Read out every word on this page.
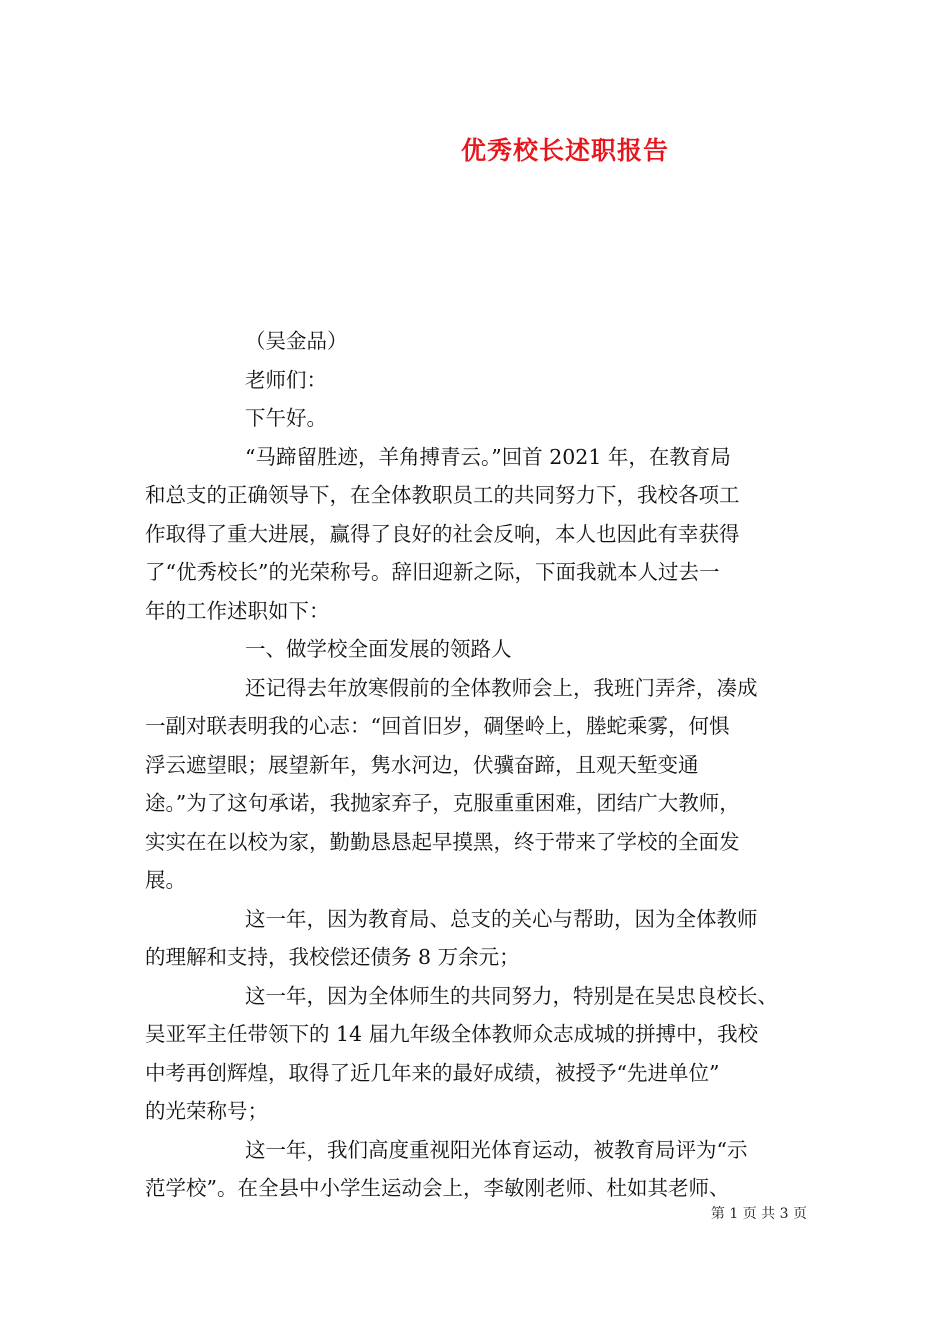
优秀校长述职报告

（吴金品）

老师们：

下午好。

“马蹄留胜迹，羊角搏青云。”回首 2021 年，在教育局
和总支的正确领导下，在全体教职员工的共同努力下，我校各项工
作取得了重大进展，赢得了良好的社会反响，本人也因此有幸获得
了“优秀校长”的光荣称号。辞旧迎新之际，下面我就本人过去一
年的工作述职如下：

一、做学校全面发展的领路人

还记得去年放寒假前的全体教师会上，我班门弄斧，凑成
一副对联表明我的心志：“回首旧岁，碉堡岭上，塍蛇乘雾，何惧
浮云遮望眼；展望新年，隽水河边，伏骥奋蹄，且观天堑变通
途。”为了这句承诺，我抛家弃子，克服重重困难，团结广大教师，
实实在在以校为家，勤勤恳恳起早摸黑，终于带来了学校的全面发
展。

这一年，因为教育局、总支的关心与帮助，因为全体教师
的理解和支持，我校偿还债务 8 万余元；

这一年，因为全体师生的共同努力，特别是在吴忠良校长、
吴亚军主任带领下的 14 届九年级全体教师众志成城的拼搏中，我校
中考再创辉煌，取得了近几年来的最好成绩，被授予“先进单位”
的光荣称号；

这一年，我们高度重视阳光体育运动，被教育局评为“示
范学校”。在全县中小学生运动会上，李敏刚老师、杜如其老师、

第 1 页 共 3 页
